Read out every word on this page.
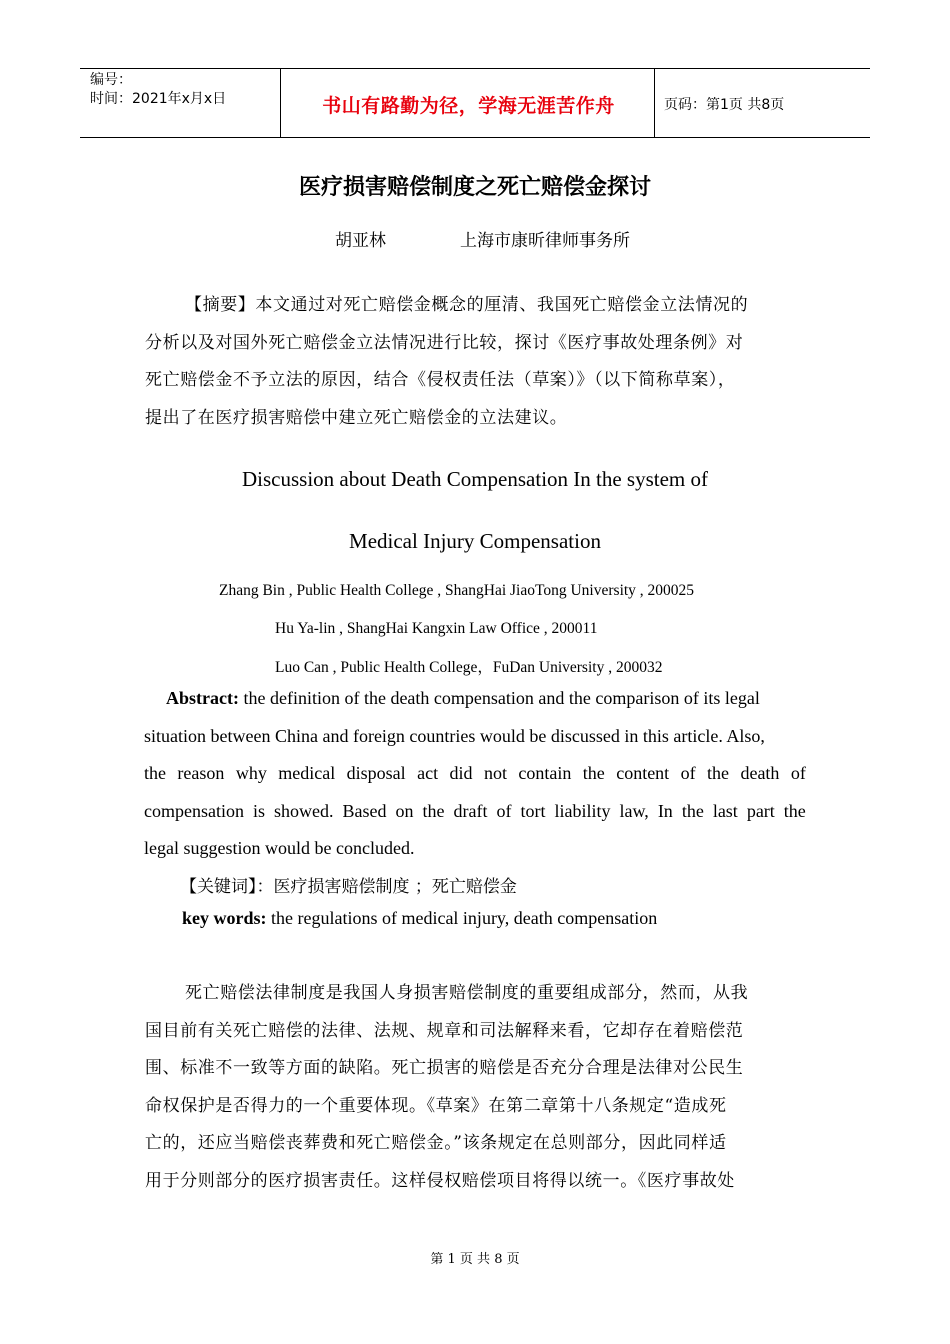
编号：
时间：2021年x月x日	书山有路勤为径，学海无涯苦作舟	页码：第1页 共8页
医疗损害赔偿制度之死亡赔偿金探讨
胡亚林	上海市康昕律师事务所
【摘要】本文通过对死亡赔偿金概念的厘清、我国死亡赔偿金立法情况的
分析以及对国外死亡赔偿金立法情况进行比较，探讨《医疗事故处理条例》对
死亡赔偿金不予立法的原因，结合《侵权责任法（草案）》（以下简称草案），
提出了在医疗损害赔偿中建立死亡赔偿金的立法建议。
Discussion about Death Compensation In the system of
Medical Injury Compensation
Zhang Bin , Public Health College , ShangHai JiaoTong University , 200025
Hu Ya-lin , ShangHai Kangxin Law Office , 200011
Luo Can , Public Health College，FuDan University , 200032
Abstract: the definition of the death compensation and the comparison of its legal
situation between China and foreign countries would be discussed in this article. Also,
the reason why medical disposal act did not contain the content of the death of
compensation is showed. Based on the draft of tort liability law, In the last part the
legal suggestion would be concluded.
【关键词】：医疗损害赔偿制度 ；死亡赔偿金
key words: the regulations of medical injury, death compensation
死亡赔偿法律制度是我国人身损害赔偿制度的重要组成部分，然而，从我
国目前有关死亡赔偿的法律、法规、规章和司法解释来看，它却存在着赔偿范
围、标准不一致等方面的缺陷。死亡损害的赔偿是否充分合理是法律对公民生
命权保护是否得力的一个重要体现。《草案》在第二章第十八条规定“造成死
亡的，还应当赔偿丧葬费和死亡赔偿金。”该条规定在总则部分，因此同样适
用于分则部分的医疗损害责任。这样侵权赔偿项目将得以统一。《医疗事故处
第 1 页 共 8 页
